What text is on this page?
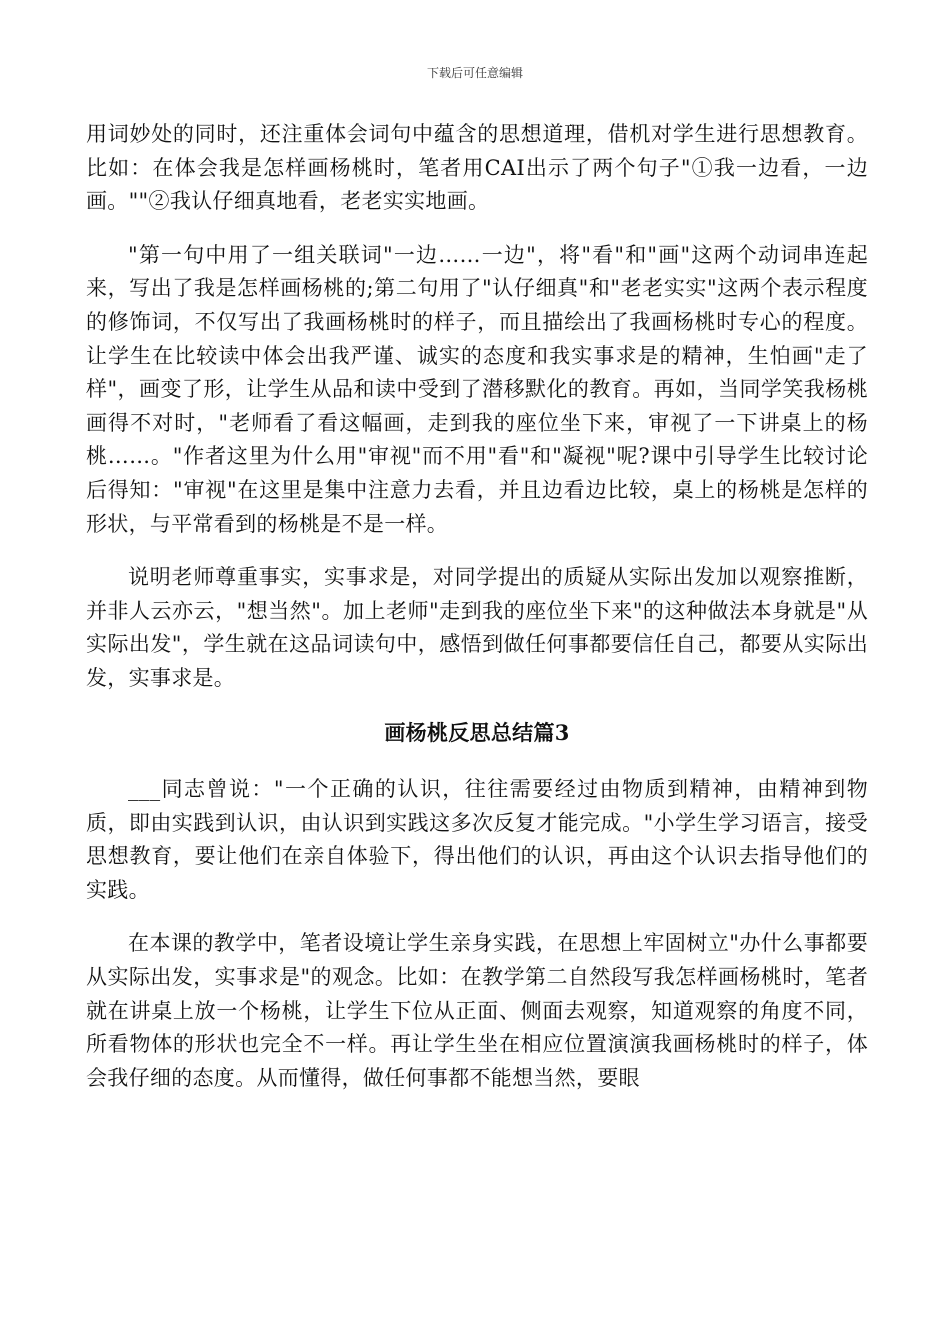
下载后可任意编辑

用词妙处的同时，还注重体会词句中蕴含的思想道理，借机对学生进行思想教育。比如：在体会我是怎样画杨桃时，笔者用CAI出示了两个句子"①我一边看，一边画。""②我认仔细真地看，老老实实地画。

"第一句中用了一组关联词"一边……一边"，将"看"和"画"这两个动词串连起来，写出了我是怎样画杨桃的;第二句用了"认仔细真"和"老老实实"这两个表示程度的修饰词，不仅写出了我画杨桃时的样子，而且描绘出了我画杨桃时专心的程度。让学生在比较读中体会出我严谨、诚实的态度和我实事求是的精神，生怕画"走了样"，画变了形，让学生从品和读中受到了潜移默化的教育。再如，当同学笑我杨桃画得不对时，"老师看了看这幅画，走到我的座位坐下来，审视了一下讲桌上的杨桃……。"作者这里为什么用"审视"而不用"看"和"凝视"呢?课中引导学生比较讨论后得知："审视"在这里是集中注意力去看，并且边看边比较，桌上的杨桃是怎样的形状，与平常看到的杨桃是不是一样。

说明老师尊重事实，实事求是，对同学提出的质疑从实际出发加以观察推断，并非人云亦云，"想当然"。加上老师"走到我的座位坐下来"的这种做法本身就是"从实际出发"，学生就在这品词读句中，感悟到做任何事都要信任自己，都要从实际出发，实事求是。

画杨桃反思总结篇3

___同志曾说："一个正确的认识，往往需要经过由物质到精神，由精神到物质，即由实践到认识，由认识到实践这多次反复才能完成。"小学生学习语言，接受思想教育，要让他们在亲自体验下，得出他们的认识，再由这个认识去指导他们的实践。

在本课的教学中，笔者设境让学生亲身实践，在思想上牢固树立"办什么事都要从实际出发，实事求是"的观念。比如：在教学第二自然段写我怎样画杨桃时，笔者就在讲桌上放一个杨桃，让学生下位从正面、侧面去观察，知道观察的角度不同，所看物体的形状也完全不一样。再让学生坐在相应位置演演我画杨桃时的样子，体会我仔细的态度。从而懂得，做任何事都不能想当然，要眼
